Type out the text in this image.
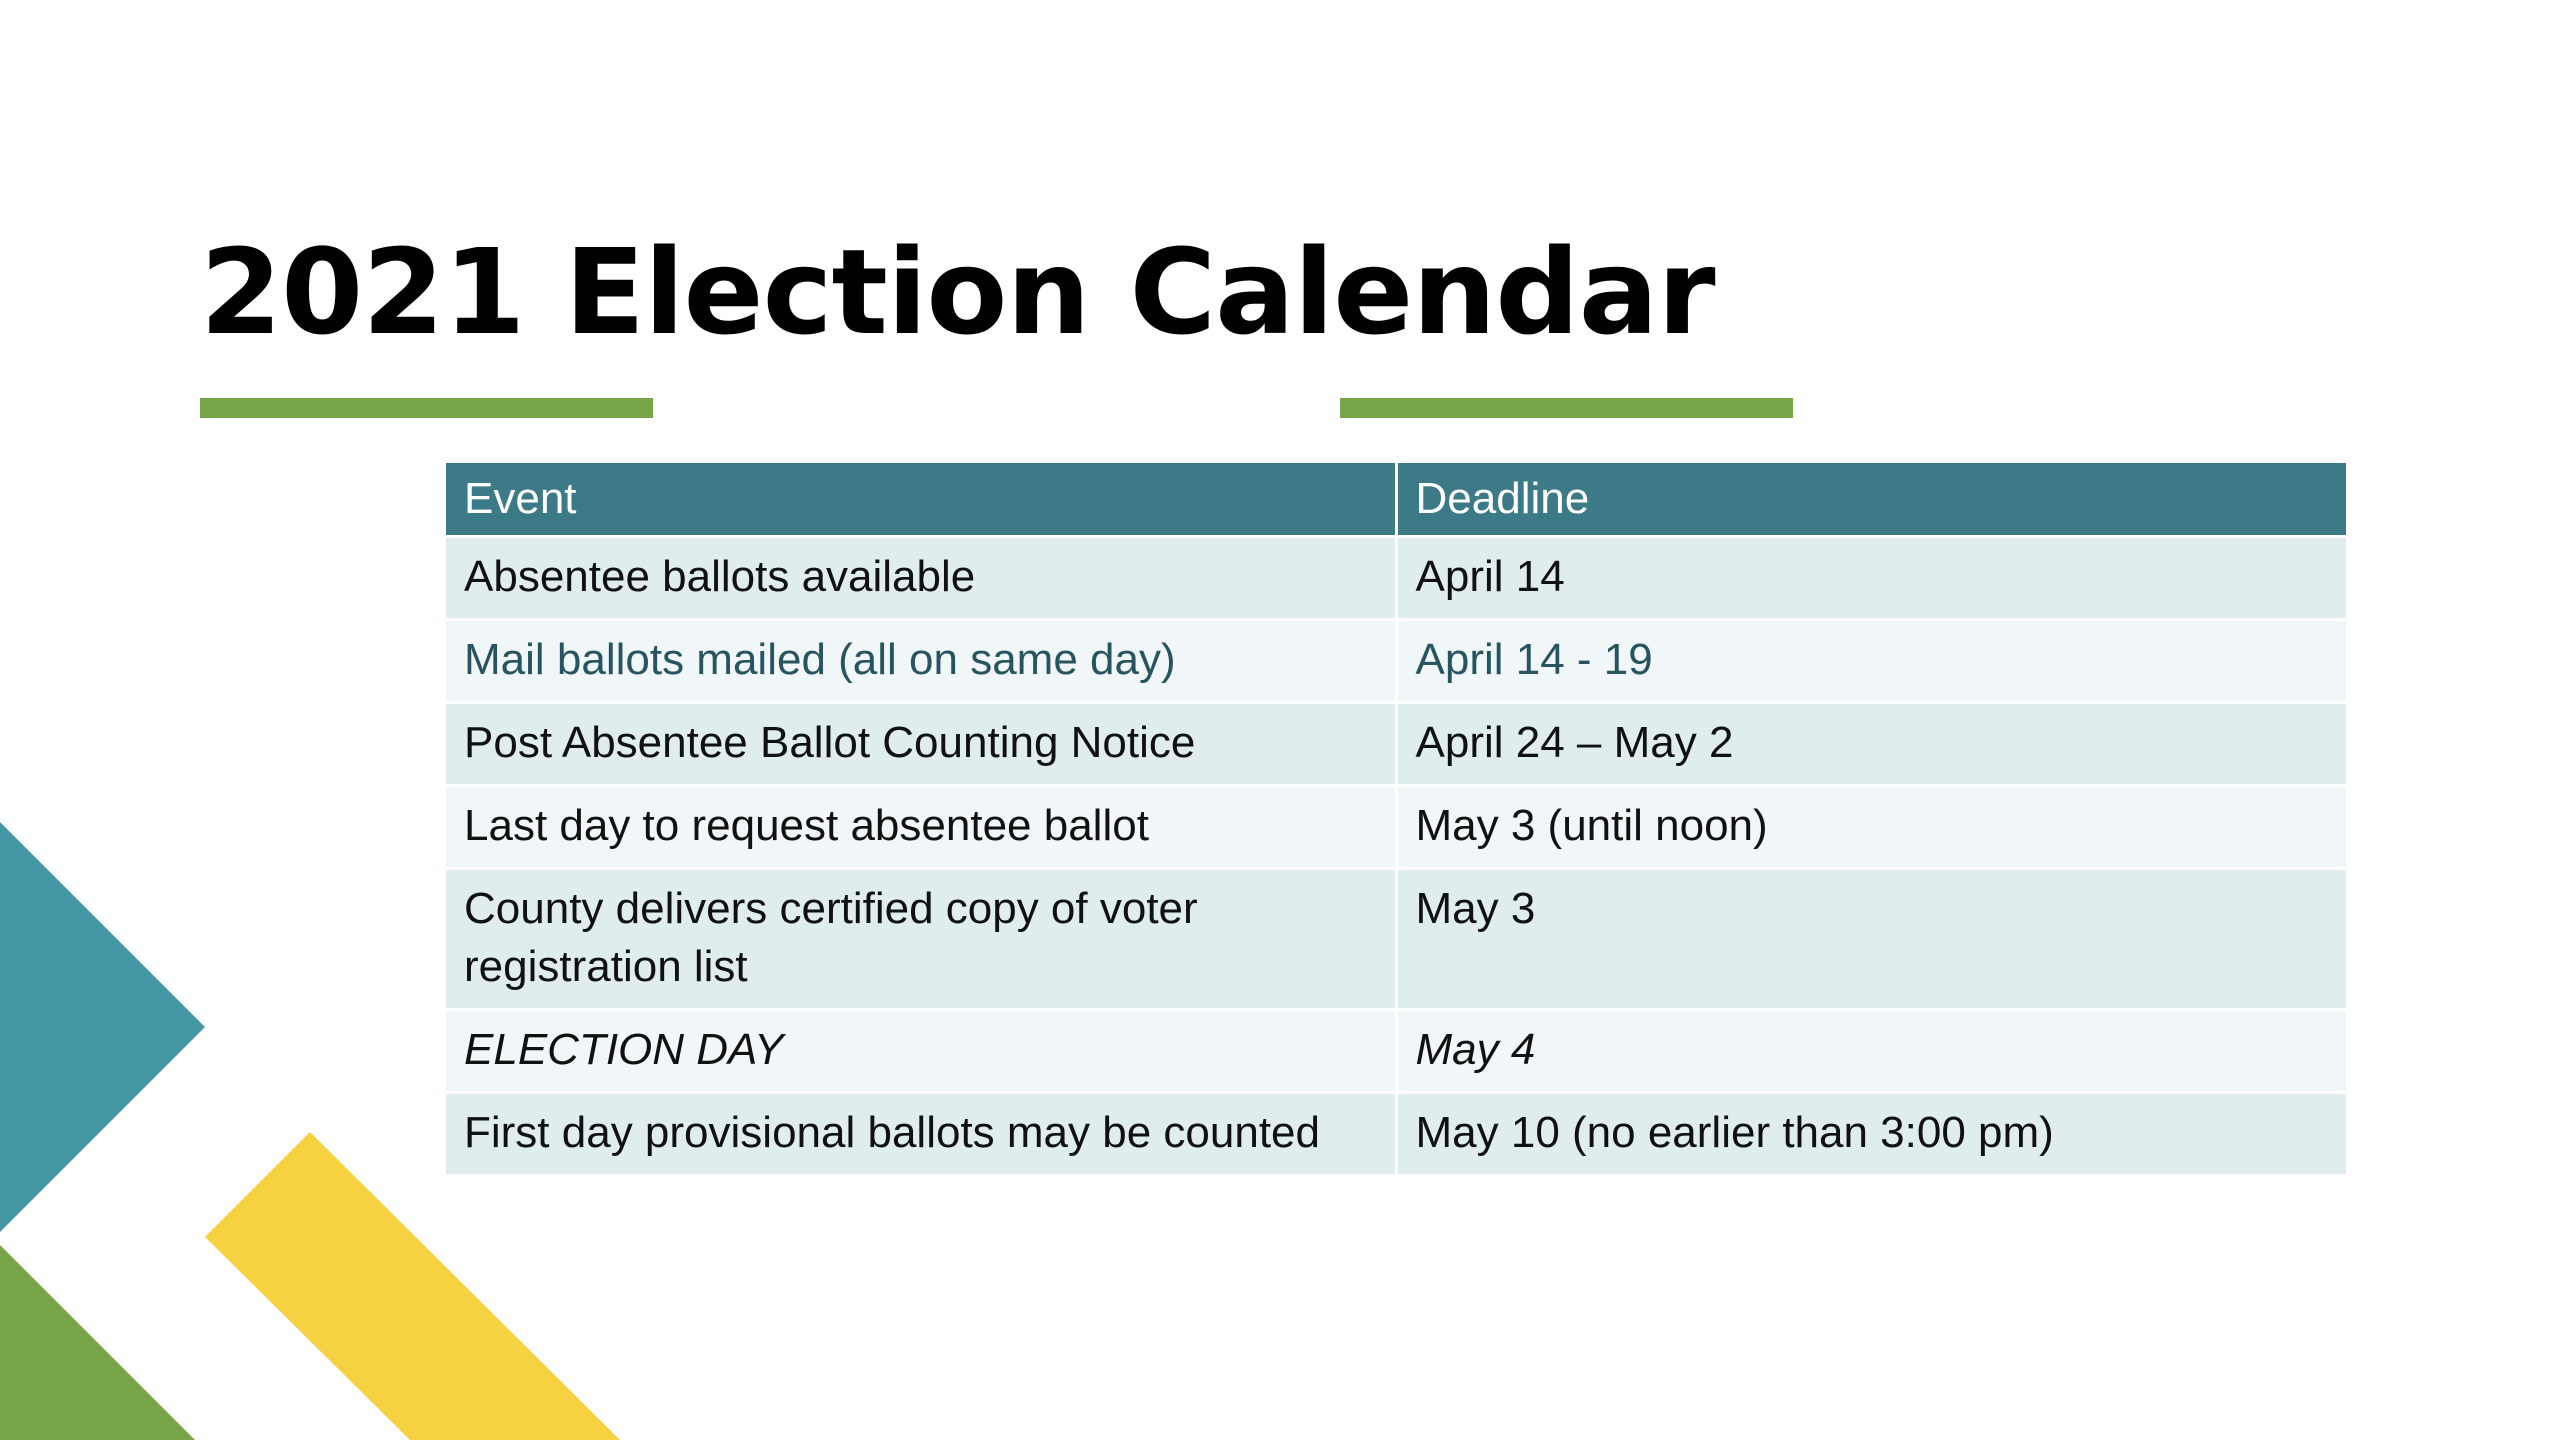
2021 Election Calendar
Event	Deadline
Absentee ballots available	April 14
Mail ballots mailed (all on same day)	April 14 - 19
Post Absentee Ballot Counting Notice	April 24 – May 2
Last day to request absentee ballot	May 3 (until noon)
County delivers certified copy of voter registration list	May 3
ELECTION DAY	May 4
First day provisional ballots may be counted	May 10 (no earlier than 3:00 pm)
